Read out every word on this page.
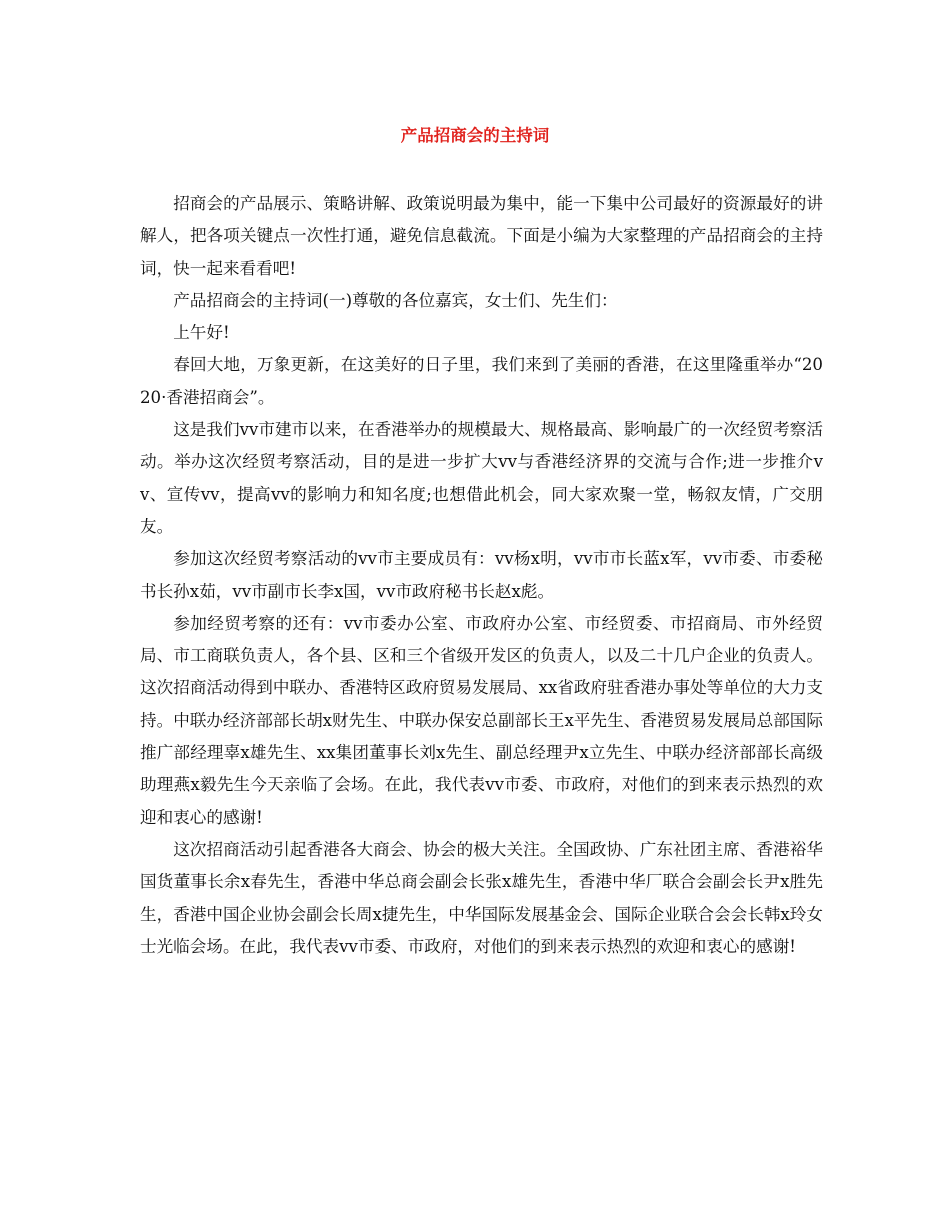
产品招商会的主持词

招商会的产品展示、策略讲解、政策说明最为集中，能一下集中公司最好的资源最好的讲解人，把各项关键点一次性打通，避免信息截流。下面是小编为大家整理的产品招商会的主持词，快一起来看看吧!

产品招商会的主持词(一)尊敬的各位嘉宾，女士们、先生们：

上午好!

春回大地，万象更新，在这美好的日子里，我们来到了美丽的香港，在这里隆重举办“2020·香港招商会”。

这是我们vv市建市以来，在香港举办的规模最大、规格最高、影响最广的一次经贸考察活动。举办这次经贸考察活动，目的是进一步扩大vv与香港经济界的交流与合作;进一步推介vv、宣传vv，提高vv的影响力和知名度;也想借此机会，同大家欢聚一堂，畅叙友情，广交朋友。

参加这次经贸考察活动的vv市主要成员有：vv杨x明，vv市市长蓝x军，vv市委、市委秘书长孙x茹，vv市副市长李x国，vv市政府秘书长赵x彪。

参加经贸考察的还有：vv市委办公室、市政府办公室、市经贸委、市招商局、市外经贸局、市工商联负责人，各个县、区和三个省级开发区的负责人，以及二十几户企业的负责人。 这次招商活动得到中联办、香港特区政府贸易发展局、xx省政府驻香港办事处等单位的大力支持。中联办经济部部长胡x财先生、中联办保安总副部长王x平先生、香港贸易发展局总部国际推广部经理辜x雄先生、xx集团董事长刘x先生、副总经理尹x立先生、中联办经济部部长高级助理燕x毅先生今天亲临了会场。在此，我代表vv市委、市政府，对他们的到来表示热烈的欢迎和衷心的感谢!

这次招商活动引起香港各大商会、协会的极大关注。全国政协、广东社团主席、香港裕华国货董事长余x春先生，香港中华总商会副会长张x雄先生，香港中华厂联合会副会长尹x胜先生，香港中国企业协会副会长周x捷先生，中华国际发展基金会、国际企业联合会会长韩x玲女士光临会场。在此，我代表vv市委、市政府，对他们的到来表示热烈的欢迎和衷心的感谢!
